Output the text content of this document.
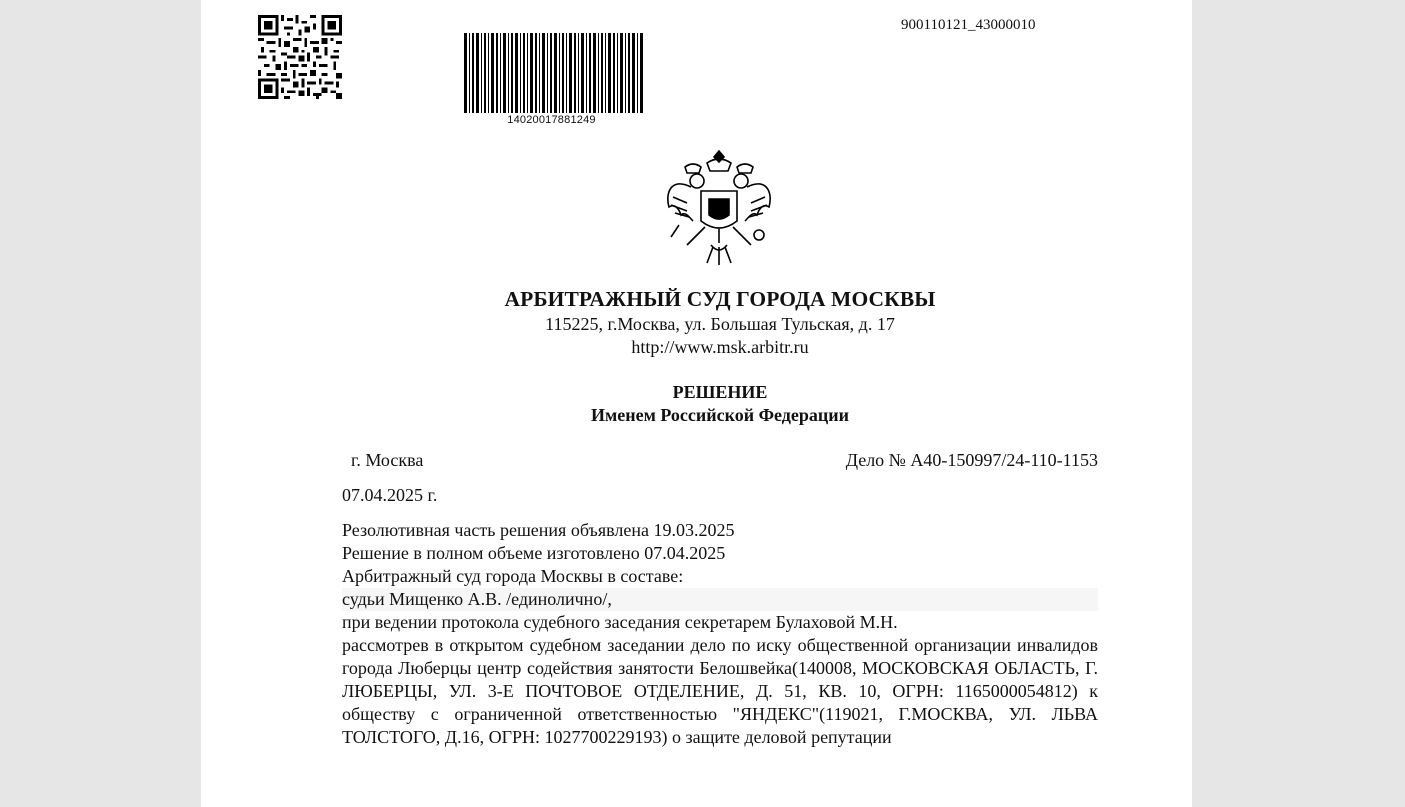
14020017881249
900110121_43000010
АРБИТРАЖНЫЙ СУД ГОРОДА МОСКВЫ
115225, г.Москва, ул. Большая Тульская, д. 17
http://www.msk.arbitr.ru
РЕШЕНИЕ
Именем Российской Федерации
г. Москва	Дело № А40-150997/24-110-1153
07.04.2025 г.
Резолютивная часть решения объявлена 19.03.2025
Решение в полном объеме изготовлено 07.04.2025
Арбитражный суд города Москвы в составе:
судьи Мищенко А.В. /единолично/,
при ведении протокола судебного заседания секретарем Булаховой М.Н.
рассмотрев в открытом судебном заседании дело по иску общественной организации инвалидов города Люберцы центр содействия занятости Белошвейка(140008, МОСКОВСКАЯ ОБЛАСТЬ, Г. ЛЮБЕРЦЫ, УЛ. 3-Е ПОЧТОВОЕ ОТДЕЛЕНИЕ, Д. 51, КВ. 10, ОГРН: 1165000054812) к обществу с ограниченной ответственностью "ЯНДЕКС"(119021, Г.МОСКВА, УЛ. ЛЬВА ТОЛСТОГО, Д.16, ОГРН: 1027700229193) о защите деловой репутации
